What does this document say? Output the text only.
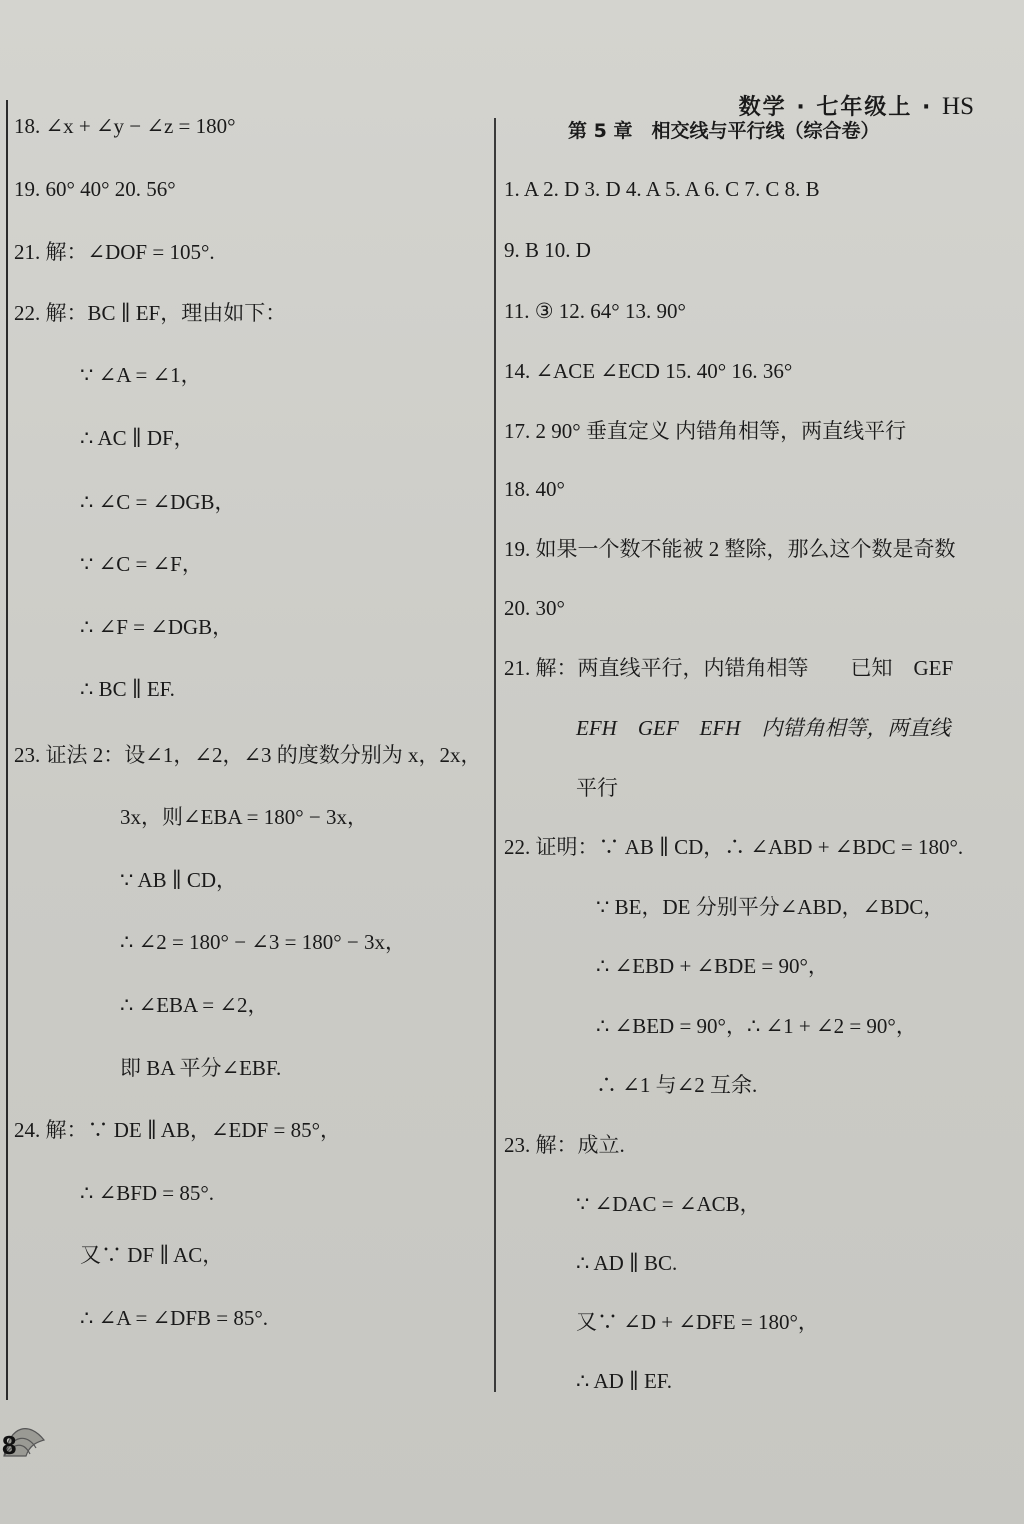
数学 · 七年级上 · HS
18. ∠x + ∠y − ∠z = 180°
19. 60° 40° 20. 56°
21. 解：∠DOF = 105°.
22. 解：BC ∥ EF，理由如下：
∵ ∠A = ∠1，
∴ AC ∥ DF，
∴ ∠C = ∠DGB，
∵ ∠C = ∠F，
∴ ∠F = ∠DGB，
∴ BC ∥ EF.
23. 证法 2：设∠1，∠2，∠3 的度数分别为 x，2x，
3x，则∠EBA = 180° − 3x，
∵ AB ∥ CD，
∴ ∠2 = 180° − ∠3 = 180° − 3x，
∴ ∠EBA = ∠2，
即 BA 平分∠EBF.
24. 解：∵ DE ∥ AB，∠EDF = 85°，
∴ ∠BFD = 85°.
又∵ DF ∥ AC，
∴ ∠A = ∠DFB = 85°.
第 5 章　相交线与平行线（综合卷）
1. A 2. D 3. D 4. A 5. A 6. C 7. C 8. B
9. B 10. D
11. ③ 12. 64° 13. 90°
14. ∠ACE ∠ECD 15. 40° 16. 36°
17. 2 90° 垂直定义 内错角相等，两直线平行
18. 40°
19. 如果一个数不能被 2 整除，那么这个数是奇数
20. 30°
21. 解：两直线平行，内错角相等　　已知　GEF
EFH　GEF　EFH　内错角相等，两直线
平行
22. 证明：∵ AB ∥ CD，∴ ∠ABD + ∠BDC = 180°.
∵ BE，DE 分别平分∠ABD，∠BDC，
∴ ∠EBD + ∠BDE = 90°，
∴ ∠BED = 90°，∴ ∠1 + ∠2 = 90°，
∴ ∠1 与∠2 互余.
23. 解：成立.
∵ ∠DAC = ∠ACB，
∴ AD ∥ BC.
又∵ ∠D + ∠DFE = 180°，
∴ AD ∥ EF.
8
